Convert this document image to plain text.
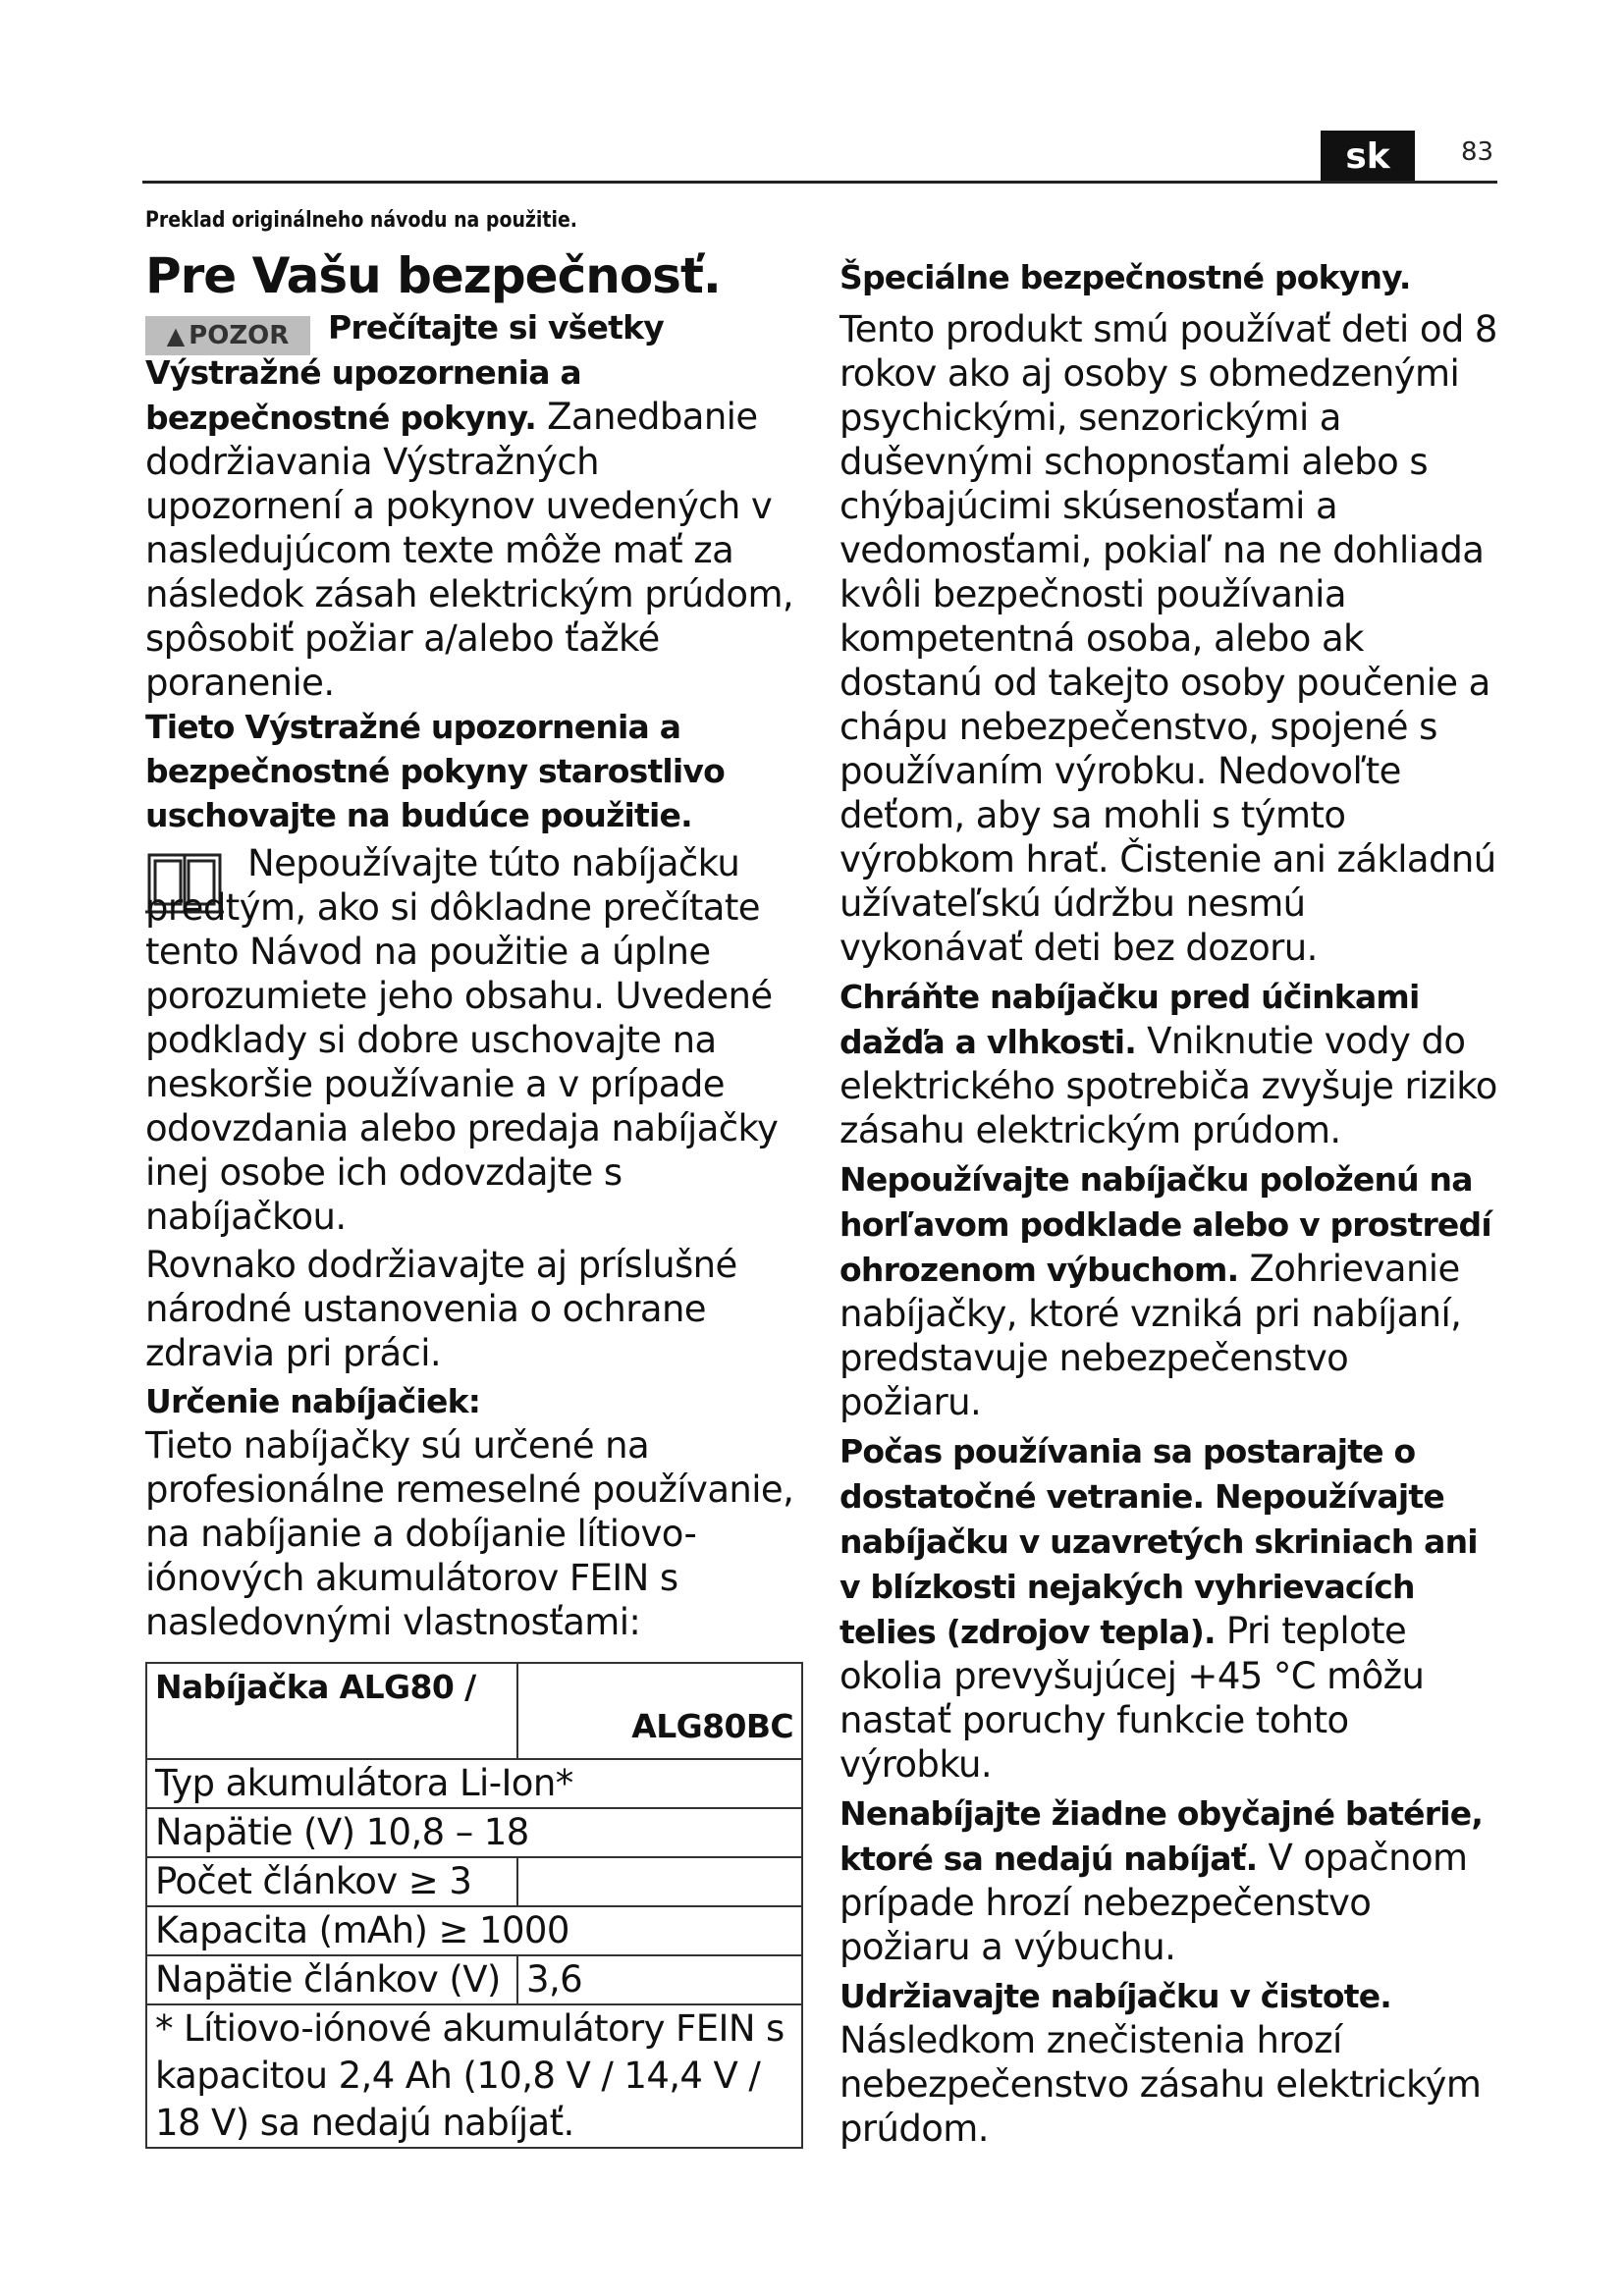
sk	83
Preklad originálneho návodu na použitie.
Pre Vašu bezpečnosť.
▲ POZOR	Prečítajte si všetky Výstražné upozornenia a bezpečnostné pokyny. Zanedbanie dodržiavania Výstražných upozornení a pokynov uvedených v nasledujúcom texte môže mať za následok zásah elektrickým prúdom, spôsobiť požiar a/alebo ťažké poranenie.

Tieto Výstražné upozornenia a bezpečnostné pokyny starostlivo uschovajte na budúce použitie.

Nepoužívajte túto nabíjačku predtým, ako si dôkladne prečítate tento Návod na použitie a úplne porozumiete jeho obsahu. Uvedené podklady si dobre uschovajte na neskoršie používanie a v prípade odovzdania alebo predaja nabíjačky inej osobe ich odovzdajte s nabíjačkou.

Rovnako dodržiavajte aj príslušné národné ustanovenia o ochrane zdravia pri práci.

Určenie nabíjačiek:

Tieto nabíjačky sú určené na profesionálne remeselné používanie, na nabíjanie a dobíjanie lítiovo-iónových akumulátorov FEIN s nasledovnými vlastnosťami:

Nabíjačka ALG80 /	ALG80BC
Typ akumulátora Li-Ion*	
Napätie (V) 10,8 – 18	
Počet článkov ≥ 3	
Kapacita (mAh) ≥ 1000	
Napätie článkov (V)	3,6
* Lítiovo-iónové akumulátory FEIN s kapacitou 2,4 Ah (10,8 V / 14,4 V / 18 V) sa nedajú nabíjať.	

Špeciálne bezpečnostné pokyny.

Tento produkt smú používať deti od 8 rokov ako aj osoby s obmedzenými psychickými, senzorickými a duševnými schopnosťami alebo s chýbajúcimi skúsenosťami a vedomosťami, pokiaľ na ne dohliada kvôli bezpečnosti používania kompetentná osoba, alebo ak dostanú od takejto osoby poučenie a chápu nebezpečenstvo, spojené s používaním výrobku. Nedovoľte deťom, aby sa mohli s týmto výrobkom hrať. Čistenie ani základnú užívateľskú údržbu nesmú vykonávať deti bez dozoru.

Chráňte nabíjačku pred účinkami dažďa a vlhkosti. Vniknutie vody do elektrického spotrebiča zvyšuje riziko zásahu elektrickým prúdom.

Nepoužívajte nabíjačku položenú na horľavom podklade alebo v prostredí ohrozenom výbuchom. Zohrievanie nabíjačky, ktoré vzniká pri nabíjaní, predstavuje nebezpečenstvo požiaru.

Počas používania sa postarajte o dostatočné vetranie. Nepoužívajte nabíjačku v uzavretých skriniach ani v blízkosti nejakých vyhrievacích telies (zdrojov tepla). Pri teplote okolia prevyšujúcej +45 °C môžu nastať poruchy funkcie tohto výrobku.

Nenabíjajte žiadne obyčajné batérie, ktoré sa nedajú nabíjať. V opačnom prípade hrozí nebezpečenstvo požiaru a výbuchu.

Udržiavajte nabíjačku v čistote. Následkom znečistenia hrozí nebezpečenstvo zásahu elektrickým prúdom.
